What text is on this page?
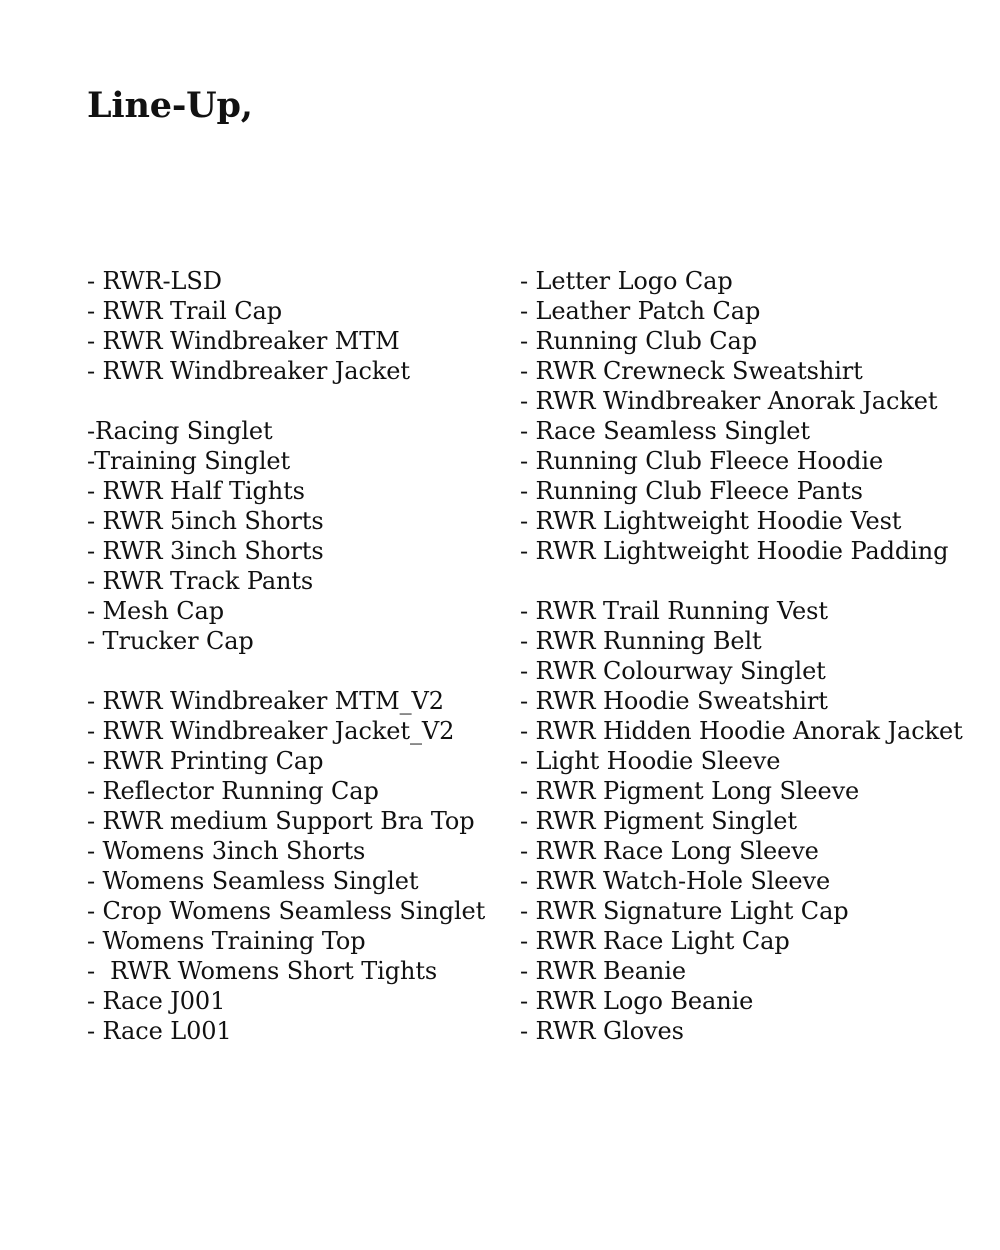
Line-Up,
- RWR-LSD
- RWR Trail Cap
- RWR Windbreaker MTM
- RWR Windbreaker Jacket
-Racing Singlet
-Training Singlet
- RWR Half Tights
- RWR 5inch Shorts
- RWR 3inch Shorts
- RWR Track Pants
- Mesh Cap
- Trucker Cap
- RWR Windbreaker MTM_V2
- RWR Windbreaker Jacket_V2
- RWR Printing Cap
- Reflector Running Cap
- RWR medium Support Bra Top
- Womens 3inch Shorts
- Womens Seamless Singlet
- Crop Womens Seamless Singlet
- Womens Training Top
-  RWR Womens Short Tights
- Race J001
- Race L001
- Letter Logo Cap
- Leather Patch Cap
- Running Club Cap
- RWR Crewneck Sweatshirt
- RWR Windbreaker Anorak Jacket
- Race Seamless Singlet
- Running Club Fleece Hoodie
- Running Club Fleece Pants
- RWR Lightweight Hoodie Vest
- RWR Lightweight Hoodie Padding
- RWR Trail Running Vest
- RWR Running Belt
- RWR Colourway Singlet
- RWR Hoodie Sweatshirt
- RWR Hidden Hoodie Anorak Jacket
- Light Hoodie Sleeve
- RWR Pigment Long Sleeve
- RWR Pigment Singlet
- RWR Race Long Sleeve
- RWR Watch-Hole Sleeve
- RWR Signature Light Cap
- RWR Race Light Cap
- RWR Beanie
- RWR Logo Beanie
- RWR Gloves
